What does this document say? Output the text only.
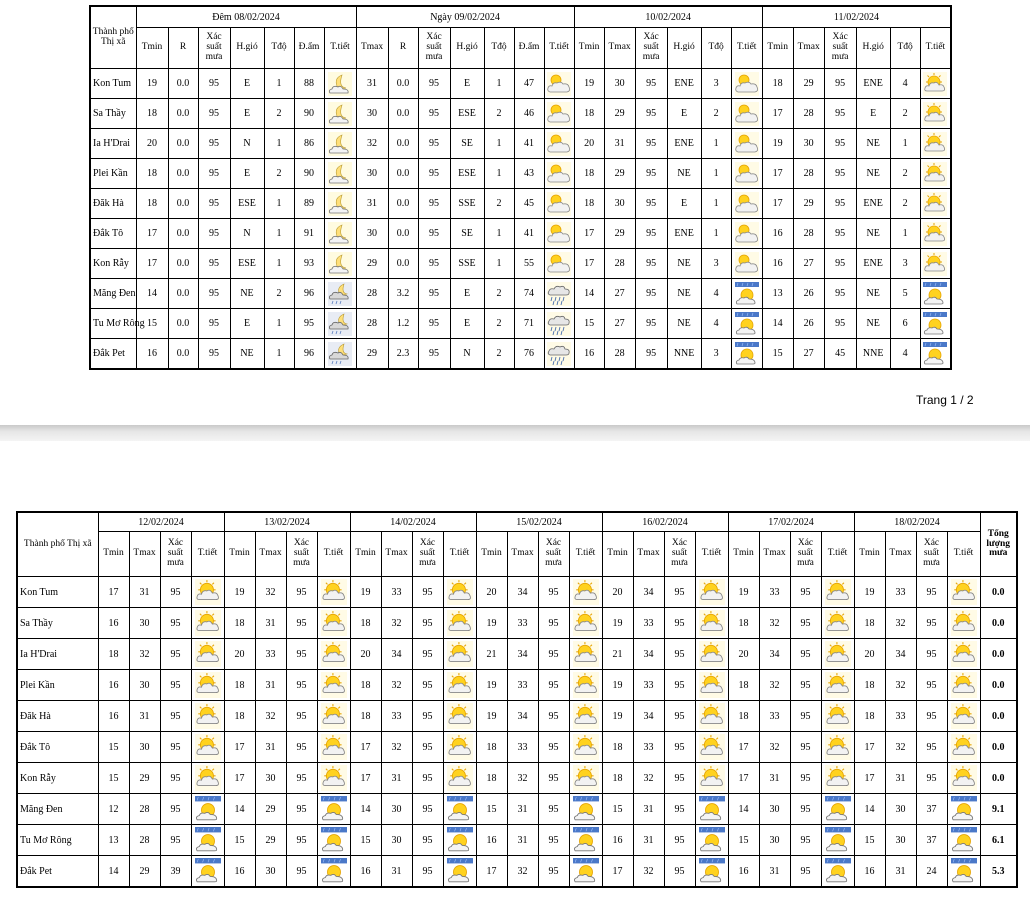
Thành phố Thị xã	Đêm 08/02/2024							Ngày 09/02/2024							10/02/2024						11/02/2024					
	Tmin	R	Xác suất mưa	H.gió	Tđộ	Đ.ẩm	T.tiết	Tmax	R	Xác suất mưa	H.gió	Tđộ	Đ.ẩm	T.tiết	Tmin	Tmax	Xác suất mưa	H.gió	Tđộ	T.tiết	Tmin	Tmax	Xác suất mưa	H.gió	Tđộ	T.tiết
Kon Tum	19	0.0	95	E	1	88		31	0.0	95	E	1	47		19	30	95	ENE	3		18	29	95	ENE	4	

Sa Thầy	18	0.0	95	E	2	90		30	0.0	95	ESE	2	46		18	29	95	E	2		17	28	95	E	2	

Ia H'Drai	20	0.0	95	N	1	86		32	0.0	95	SE	1	41		20	31	95	ENE	1		19	30	95	NE	1	

Plei Kần	18	0.0	95	E	2	90		30	0.0	95	ESE	1	43		18	29	95	NE	1		17	28	95	NE	2	

Đăk Hà	18	0.0	95	ESE	1	89		31	0.0	95	SSE	2	45		18	30	95	E	1		17	29	95	ENE	2	

Đắk Tô	17	0.0	95	N	1	91		30	0.0	95	SE	1	41		17	29	95	ENE	1		16	28	95	NE	1	

Kon Rẫy	17	0.0	95	ESE	1	93		29	0.0	95	SSE	1	55		17	28	95	NE	3		16	27	95	ENE	3	

Măng Đen	14	0.0	95	NE	2	96		28	3.2	95	E	2	74		14	27	95	NE	4		13	26	95	NE	5	

Tu Mơ Rông	15	0.0	95	E	1	95		28	1.2	95	E	2	71		15	27	95	NE	4		14	26	95	NE	6	

Đắk Pet	16	0.0	95	NE	1	96		29	2.3	95	N	2	76		16	28	95	NNE	3		15	27	45	NNE	4	
Trang 1 / 2
Thành phố Thị xã	12/02/2024				13/02/2024				14/02/2024				15/02/2024				16/02/2024				17/02/2024				18/02/2024				Tổng lượng mưa
	Tmin	Tmax	Xác suất mưa	T.tiết	Tmin	Tmax	Xác suất mưa	T.tiết	Tmin	Tmax	Xác suất mưa	T.tiết	Tmin	Tmax	Xác suất mưa	T.tiết	Tmin	Tmax	Xác suất mưa	T.tiết	Tmin	Tmax	Xác suất mưa	T.tiết	Tmin	Tmax	Xác suất mưa	T.tiết	
Kon Tum	17	31	95		19	32	95		19	33	95		20	34	95		20	34	95		19	33	95		19	33	95		0.0
Sa Thầy	16	30	95		18	31	95		18	32	95		19	33	95		19	33	95		18	32	95		18	32	95		0.0
Ia H'Drai	18	32	95		20	33	95		20	34	95		21	34	95		21	34	95		20	34	95		20	34	95		0.0
Plei Kần	16	30	95		18	31	95		18	32	95		19	33	95		19	33	95		18	32	95		18	32	95		0.0
Đăk Hà	16	31	95		18	32	95		18	33	95		19	34	95		19	34	95		18	33	95		18	33	95		0.0
Đắk Tô	15	30	95		17	31	95		17	32	95		18	33	95		18	33	95		17	32	95		17	32	95		0.0
Kon Rẫy	15	29	95		17	30	95		17	31	95		18	32	95		18	32	95		17	31	95		17	31	95		0.0
Măng Đen	12	28	95		14	29	95		14	30	95		15	31	95		15	31	95		14	30	95		14	30	37		9.1
Tu Mơ Rông	13	28	95		15	29	95		15	30	95		16	31	95		16	31	95		15	30	95		15	30	37		6.1
Đắk Pet	14	29	39		16	30	95		16	31	95		17	32	95		17	32	95		16	31	95		16	31	24		5.3
